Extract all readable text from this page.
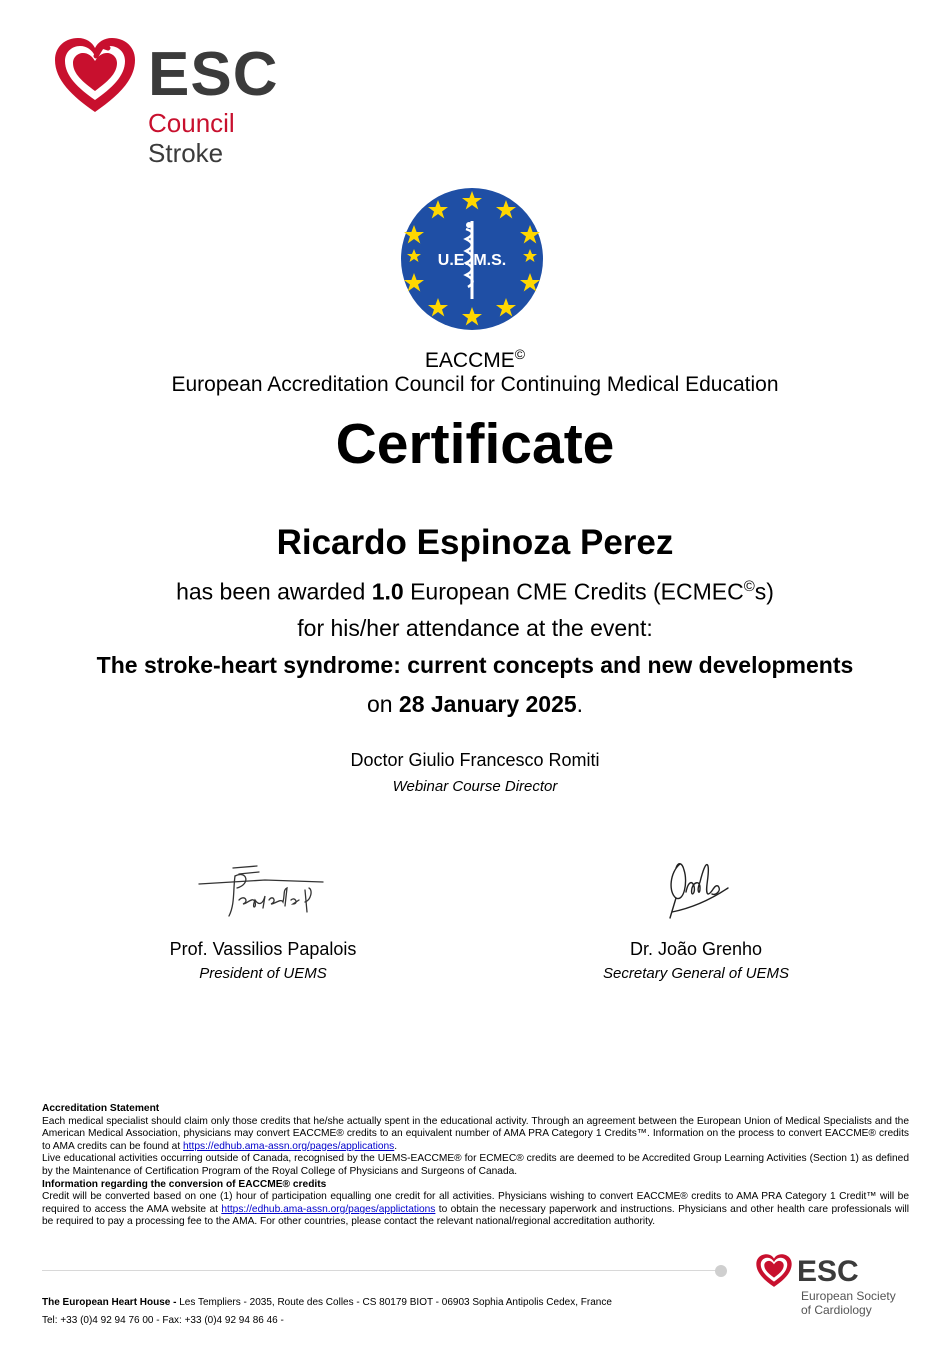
ESC
Council
Stroke
U.E. M.S.
EACCME©
European Accreditation Council for Continuing Medical Education
Certificate
Ricardo Espinoza Perez
has been awarded 1.0 European CME Credits (ECMEC©s)
for his/her attendance at the event:
The stroke-heart syndrome: current concepts and new developments
on 28 January 2025.
Doctor Giulio Francesco Romiti
Webinar Course Director
Prof. Vassilios Papalois
President of UEMS
Dr. João Grenho
Secretary General of UEMS
Accreditation Statement

Each medical specialist should claim only those credits that he/she actually spent in the educational activity. Through an agreement between the European Union of Medical Specialists and the American Medical Association, physicians may convert EACCME® credits to an equivalent number of AMA PRA Category 1 Credits™. Information on the process to convert EACCME® credits to AMA credits can be found at https://edhub.ama-assn.org/pages/applications.

Live educational activities occurring outside of Canada, recognised by the UEMS-EACCME® for ECMEC® credits are deemed to be Accredited Group Learning Activities (Section 1) as defined by the Maintenance of Certification Program of the Royal College of Physicians and Surgeons of Canada.

Information regarding the conversion of EACCME® credits

Credit will be converted based on one (1) hour of participation equalling one credit for all activities. Physicians wishing to convert EACCME® credits to AMA PRA Category 1 Credit™ will be required to access the AMA website at https://edhub.ama-assn.org/pages/applictations to obtain the necessary paperwork and instructions. Physicians and other health care professionals will be required to pay a processing fee to the AMA. For other countries, please contact the relevant national/regional accreditation authority.

The European Heart House - Les Templiers - 2035, Route des Colles - CS 80179 BIOT - 06903 Sophia Antipolis Cedex, France
Tel: +33 (0)4 92 94 76 00 - Fax: +33 (0)4 92 94 86 46 -
ESC
European Society
of Cardiology
